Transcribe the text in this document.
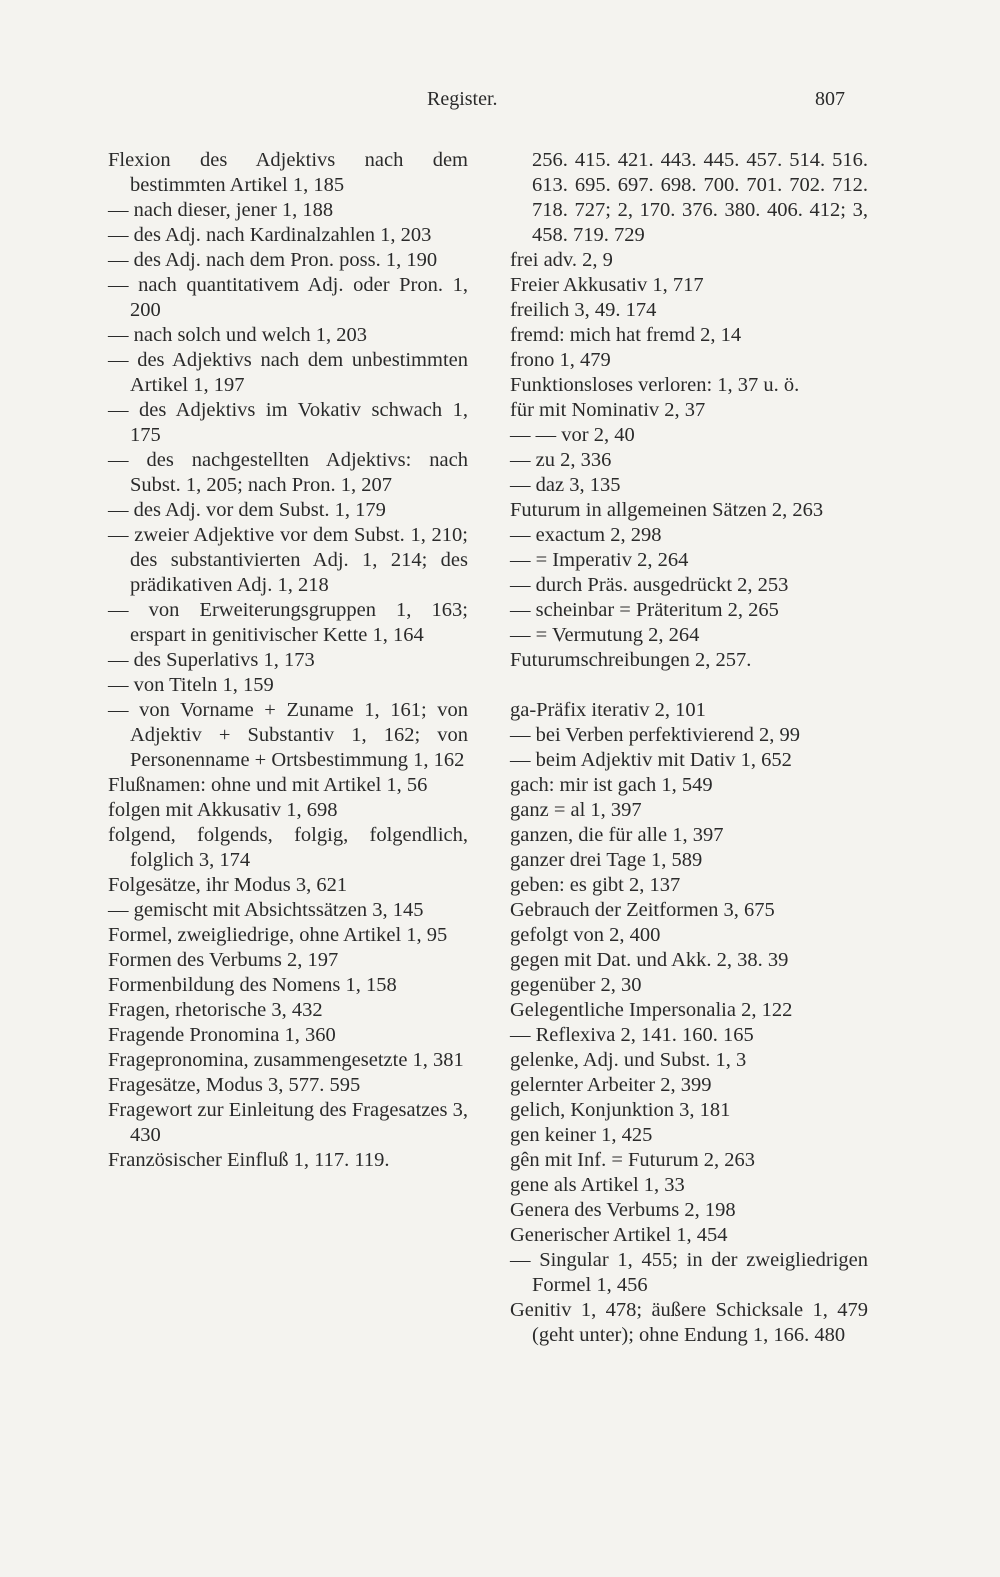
Register.	807
Flexion des Adjektivs nach dem bestimmten Artikel 1, 185
— nach dieser, jener 1, 188
— des Adj. nach Kardinalzahlen 1, 203
— des Adj. nach dem Pron. poss. 1, 190
— nach quantitativem Adj. oder Pron. 1, 200
— nach solch und welch 1, 203
— des Adjektivs nach dem unbestimmten Artikel 1, 197
— des Adjektivs im Vokativ schwach 1, 175
— des nachgestellten Adjektivs: nach Subst. 1, 205; nach Pron. 1, 207
— des Adj. vor dem Subst. 1, 179
— zweier Adjektive vor dem Subst. 1, 210; des substantivierten Adj. 1, 214; des prädikativen Adj. 1, 218
— von Erweiterungsgruppen 1, 163; erspart in genitivischer Kette 1, 164
— des Superlativs 1, 173
— von Titeln 1, 159
— von Vorname + Zuname 1, 161; von Adjektiv + Substantiv 1, 162; von Personenname + Ortsbestimmung 1, 162
Flußnamen: ohne und mit Artikel 1, 56
folgen mit Akkusativ 1, 698
folgend, folgends, folgig, folgendlich, folglich 3, 174
Folgesätze, ihr Modus 3, 621
— gemischt mit Absichtssätzen 3, 145
Formel, zweigliedrige, ohne Artikel 1, 95
Formen des Verbums 2, 197
Formenbildung des Nomens 1, 158
Fragen, rhetorische 3, 432
Fragende Pronomina 1, 360
Fragepronomina, zusammengesetzte 1, 381
Fragesätze, Modus 3, 577. 595
Fragewort zur Einleitung des Fragesatzes 3, 430
Französischer Einfluß 1, 117. 119.
256. 415. 421. 443. 445. 457. 514. 516. 613. 695. 697. 698. 700. 701. 702. 712. 718. 727; 2, 170. 376. 380. 406. 412; 3, 458. 719. 729
frei adv. 2, 9
Freier Akkusativ 1, 717
freilich 3, 49. 174
fremd: mich hat fremd 2, 14
frono 1, 479
Funktionsloses verloren: 1, 37 u. ö.
für mit Nominativ 2, 37
— — vor 2, 40
— zu 2, 336
— daz 3, 135
Futurum in allgemeinen Sätzen 2, 263
— exactum 2, 298
— = Imperativ 2, 264
— durch Präs. ausgedrückt 2, 253
— scheinbar = Präteritum 2, 265
— = Vermutung 2, 264
Futurumschreibungen 2, 257.
ga-Präfix iterativ 2, 101
— bei Verben perfektivierend 2, 99
— beim Adjektiv mit Dativ 1, 652
gach: mir ist gach 1, 549
ganz = al 1, 397
ganzen, die für alle 1, 397
ganzer drei Tage 1, 589
geben: es gibt 2, 137
Gebrauch der Zeitformen 3, 675
gefolgt von 2, 400
gegen mit Dat. und Akk. 2, 38. 39
gegenüber 2, 30
Gelegentliche Impersonalia 2, 122
— Reflexiva 2, 141. 160. 165
gelenke, Adj. und Subst. 1, 3
gelernter Arbeiter 2, 399
gelich, Konjunktion 3, 181
gen keiner 1, 425
gên mit Inf. = Futurum 2, 263
gene als Artikel 1, 33
Genera des Verbums 2, 198
Generischer Artikel 1, 454
— Singular 1, 455; in der zweigliedrigen Formel 1, 456
Genitiv 1, 478; äußere Schicksale 1, 479 (geht unter); ohne Endung 1, 166. 480
